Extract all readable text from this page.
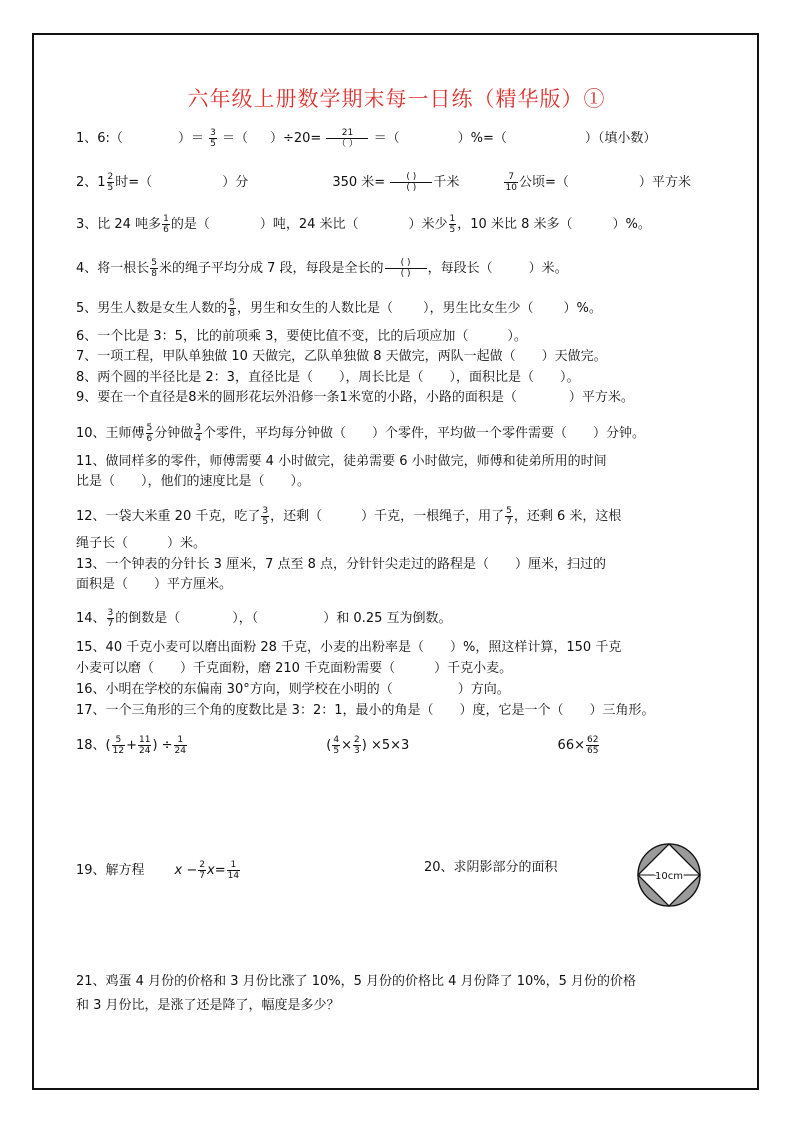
六年级上册数学期末每一日练（精华版）①
1、6:（	）＝ $\frac{3}{5}$ ＝（ ）$\div 20= \frac{21}{( )}$ ＝（	）%=（	）（填小数）
2、$1 \frac{2}{5}$ 时=（	）分	350 米= $\frac{( )}{( )}$ 千米	$\frac{7}{10}$ 公顷=（	）平方米
3、比 24 吨多 $\frac{1}{6}$ 的是（	）吨，24 米比（	）米少 $\frac{1}{5}$ ，10 米比 8 米多（	）%。
4、将一根长 $\frac{5}{8}$ 米的绳子平均分成 7 段，每段是全长的 $\frac{( )}{( )}$ ，每段长（	）米。
5、男生人数是女生人数的 $\frac{5}{8}$ ，男生和女生的人数比是（ ），男生比女生少（ ）%。
6、一个比是 3：5，比的前项乘 3，要使比值不变，比的后项应加（　　　）。
7、一项工程，甲队单独做 10 天做完，乙队单独做 8 天做完，两队一起做（　　）天做完。
8、两个圆的半径比是 2：3，直径比是（　　），周长比是（　　），面积比是（　　）。
9、要在一个直径是8米的圆形花坛外沿修一条1米宽的小路，小路的面积是（　　　　）平方米。
10、王师傅 $\frac{5}{6}$ 分钟做 $\frac{3}{4}$ 个零件，平均每分钟做（　　）个零件，平均做一个零件需要（　　）分钟。
11、做同样多的零件，师傅需要 4 小时做完，徒弟需要 6 小时做完，师傅和徒弟所用的时间
比是（　　），他们的速度比是（　　）。
12、一袋大米重 20 千克，吃了 $\frac{3}{5}$ ，还剩（　　　）千克，一根绳子，用了 $\frac{5}{7}$ ，还剩 6 米，这根
绳子长（　　　）米。
13、一个钟表的分针长 3 厘米，7 点至 8 点，分针针尖走过的路程是（　　）厘米，扫过的
面积是（　　）平方厘米。
14、 $\frac{3}{7}$ 的倒数是（　　　　），（　　　　　）和 0.25 互为倒数。
15、40 千克小麦可以磨出面粉 28 千克，小麦的出粉率是（　　）%，照这样计算，150 千克
小麦可以磨（　　）千克面粉，磨 210 千克面粉需要（　　　）千克小麦。
16、小明在学校的东偏南 30°方向，则学校在小明的（　　　　　）方向。
17、一个三角形的三个角的度数比是 3：2：1，最小的角是（　　）度，它是一个（　　）三角形。
18、( $\frac{5}{12} + \frac{11}{24}$ ) ÷ $\frac{1}{24}$	( $\frac{4}{5} \times \frac{2}{3}$ ) ×5×3	$66\times \frac{62}{65}$
19、解方程 $x - \frac{2}{7} x= \frac{1}{14}$	20、求阴影部分的面积
10cm
21、鸡蛋 4 月份的价格和 3 月份比涨了 10%，5 月份的价格比 4 月份降了 10%，5 月份的价格
和 3 月份比，是涨了还是降了，幅度是多少？
